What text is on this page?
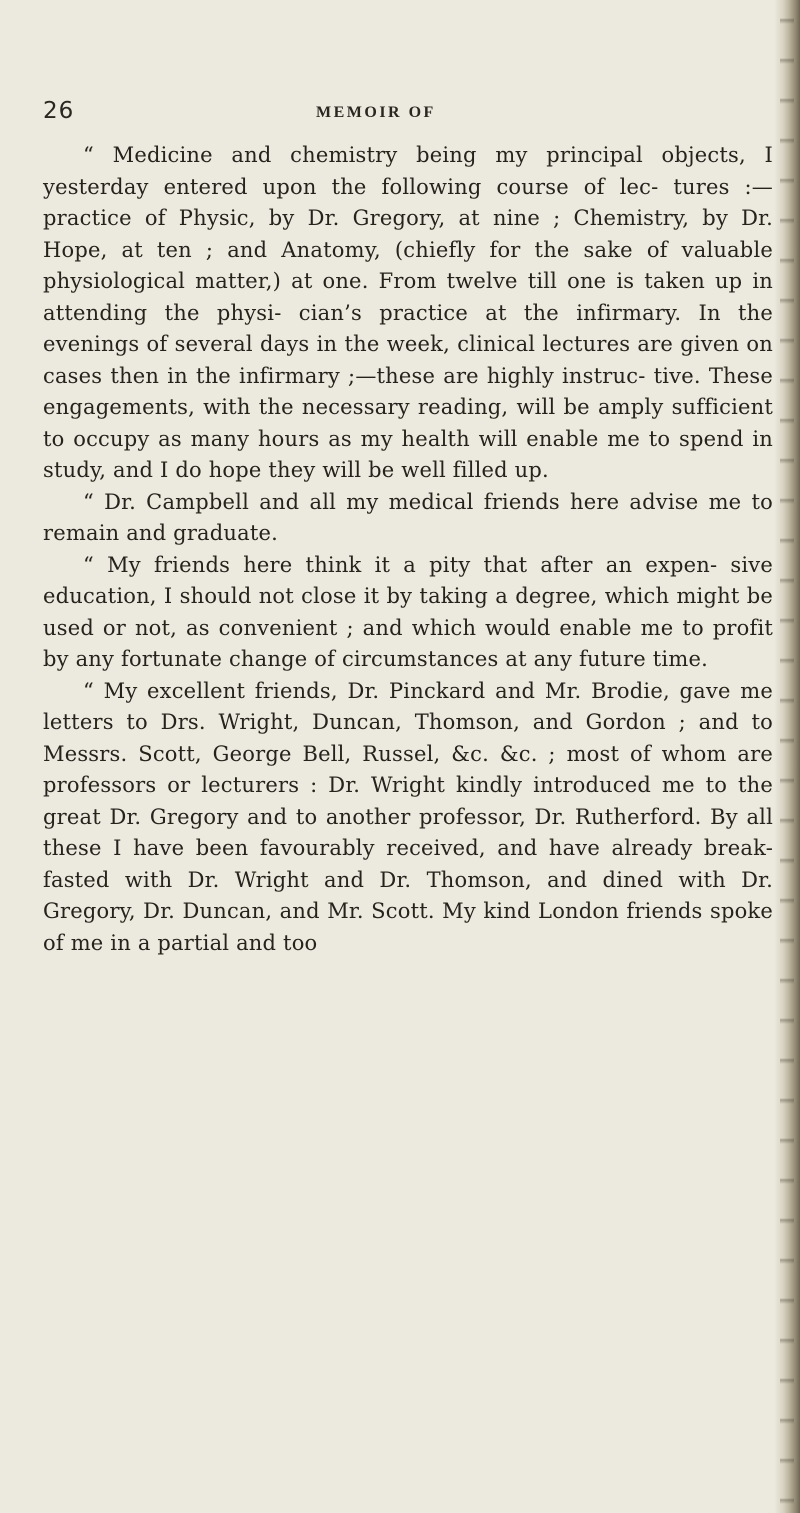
26	MEMOIR OF

“ Medicine and chemistry being my principal objects, I yesterday entered upon the following course of lec- tures :—practice of Physic, by Dr. Gregory, at nine ; Chemistry, by Dr. Hope, at ten ; and Anatomy, (chiefly for the sake of valuable physiological matter,) at one. From twelve till one is taken up in attending the physi- cian’s practice at the infirmary. In the evenings of several days in the week, clinical lectures are given on cases then in the infirmary ;—these are highly instruc- tive. These engagements, with the necessary reading, will be amply sufficient to occupy as many hours as my health will enable me to spend in study, and I do hope they will be well filled up.

“ Dr. Campbell and all my medical friends here advise me to remain and graduate.

“ My friends here think it a pity that after an expen- sive education, I should not close it by taking a degree, which might be used or not, as convenient ; and which would enable me to profit by any fortunate change of circumstances at any future time.

“ My excellent friends, Dr. Pinckard and Mr. Brodie, gave me letters to Drs. Wright, Duncan, Thomson, and Gordon ; and to Messrs. Scott, George Bell, Russel, &c. &c. ; most of whom are professors or lecturers : Dr. Wright kindly introduced me to the great Dr. Gregory and to another professor, Dr. Rutherford. By all these I have been favourably received, and have already break- fasted with Dr. Wright and Dr. Thomson, and dined with Dr. Gregory, Dr. Duncan, and Mr. Scott. My kind London friends spoke of me in a partial and too
